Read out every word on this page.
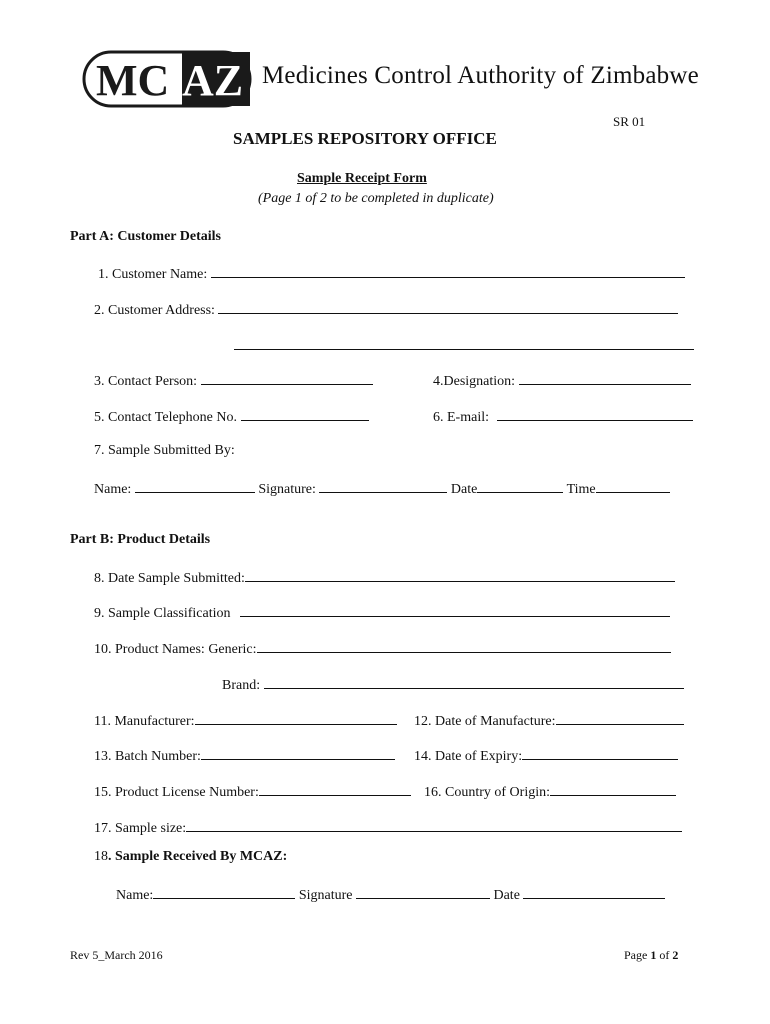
MC AZ Medicines Control Authority of Zimbabwe
SR 01
SAMPLES REPOSITORY OFFICE
Sample Receipt Form
(Page 1 of 2 to be completed in duplicate)
Part A: Customer Details
1. Customer Name:
2. Customer Address:
3. Contact Person:	4.Designation:
5. Contact Telephone No.	6. E-mail:
7. Sample Submitted By:
Name:	Signature:	Date	Time
Part B: Product Details
8. Date Sample Submitted:
9. Sample Classification
10. Product Names: Generic:
Brand:
11. Manufacturer:	12. Date of Manufacture:
13. Batch Number:	14. Date of Expiry:
15. Product License Number:	16. Country of Origin:
17. Sample size:
18. Sample Received By MCAZ:
Name:	Signature	Date
Rev 5_March 2016	Page 1 of 2
